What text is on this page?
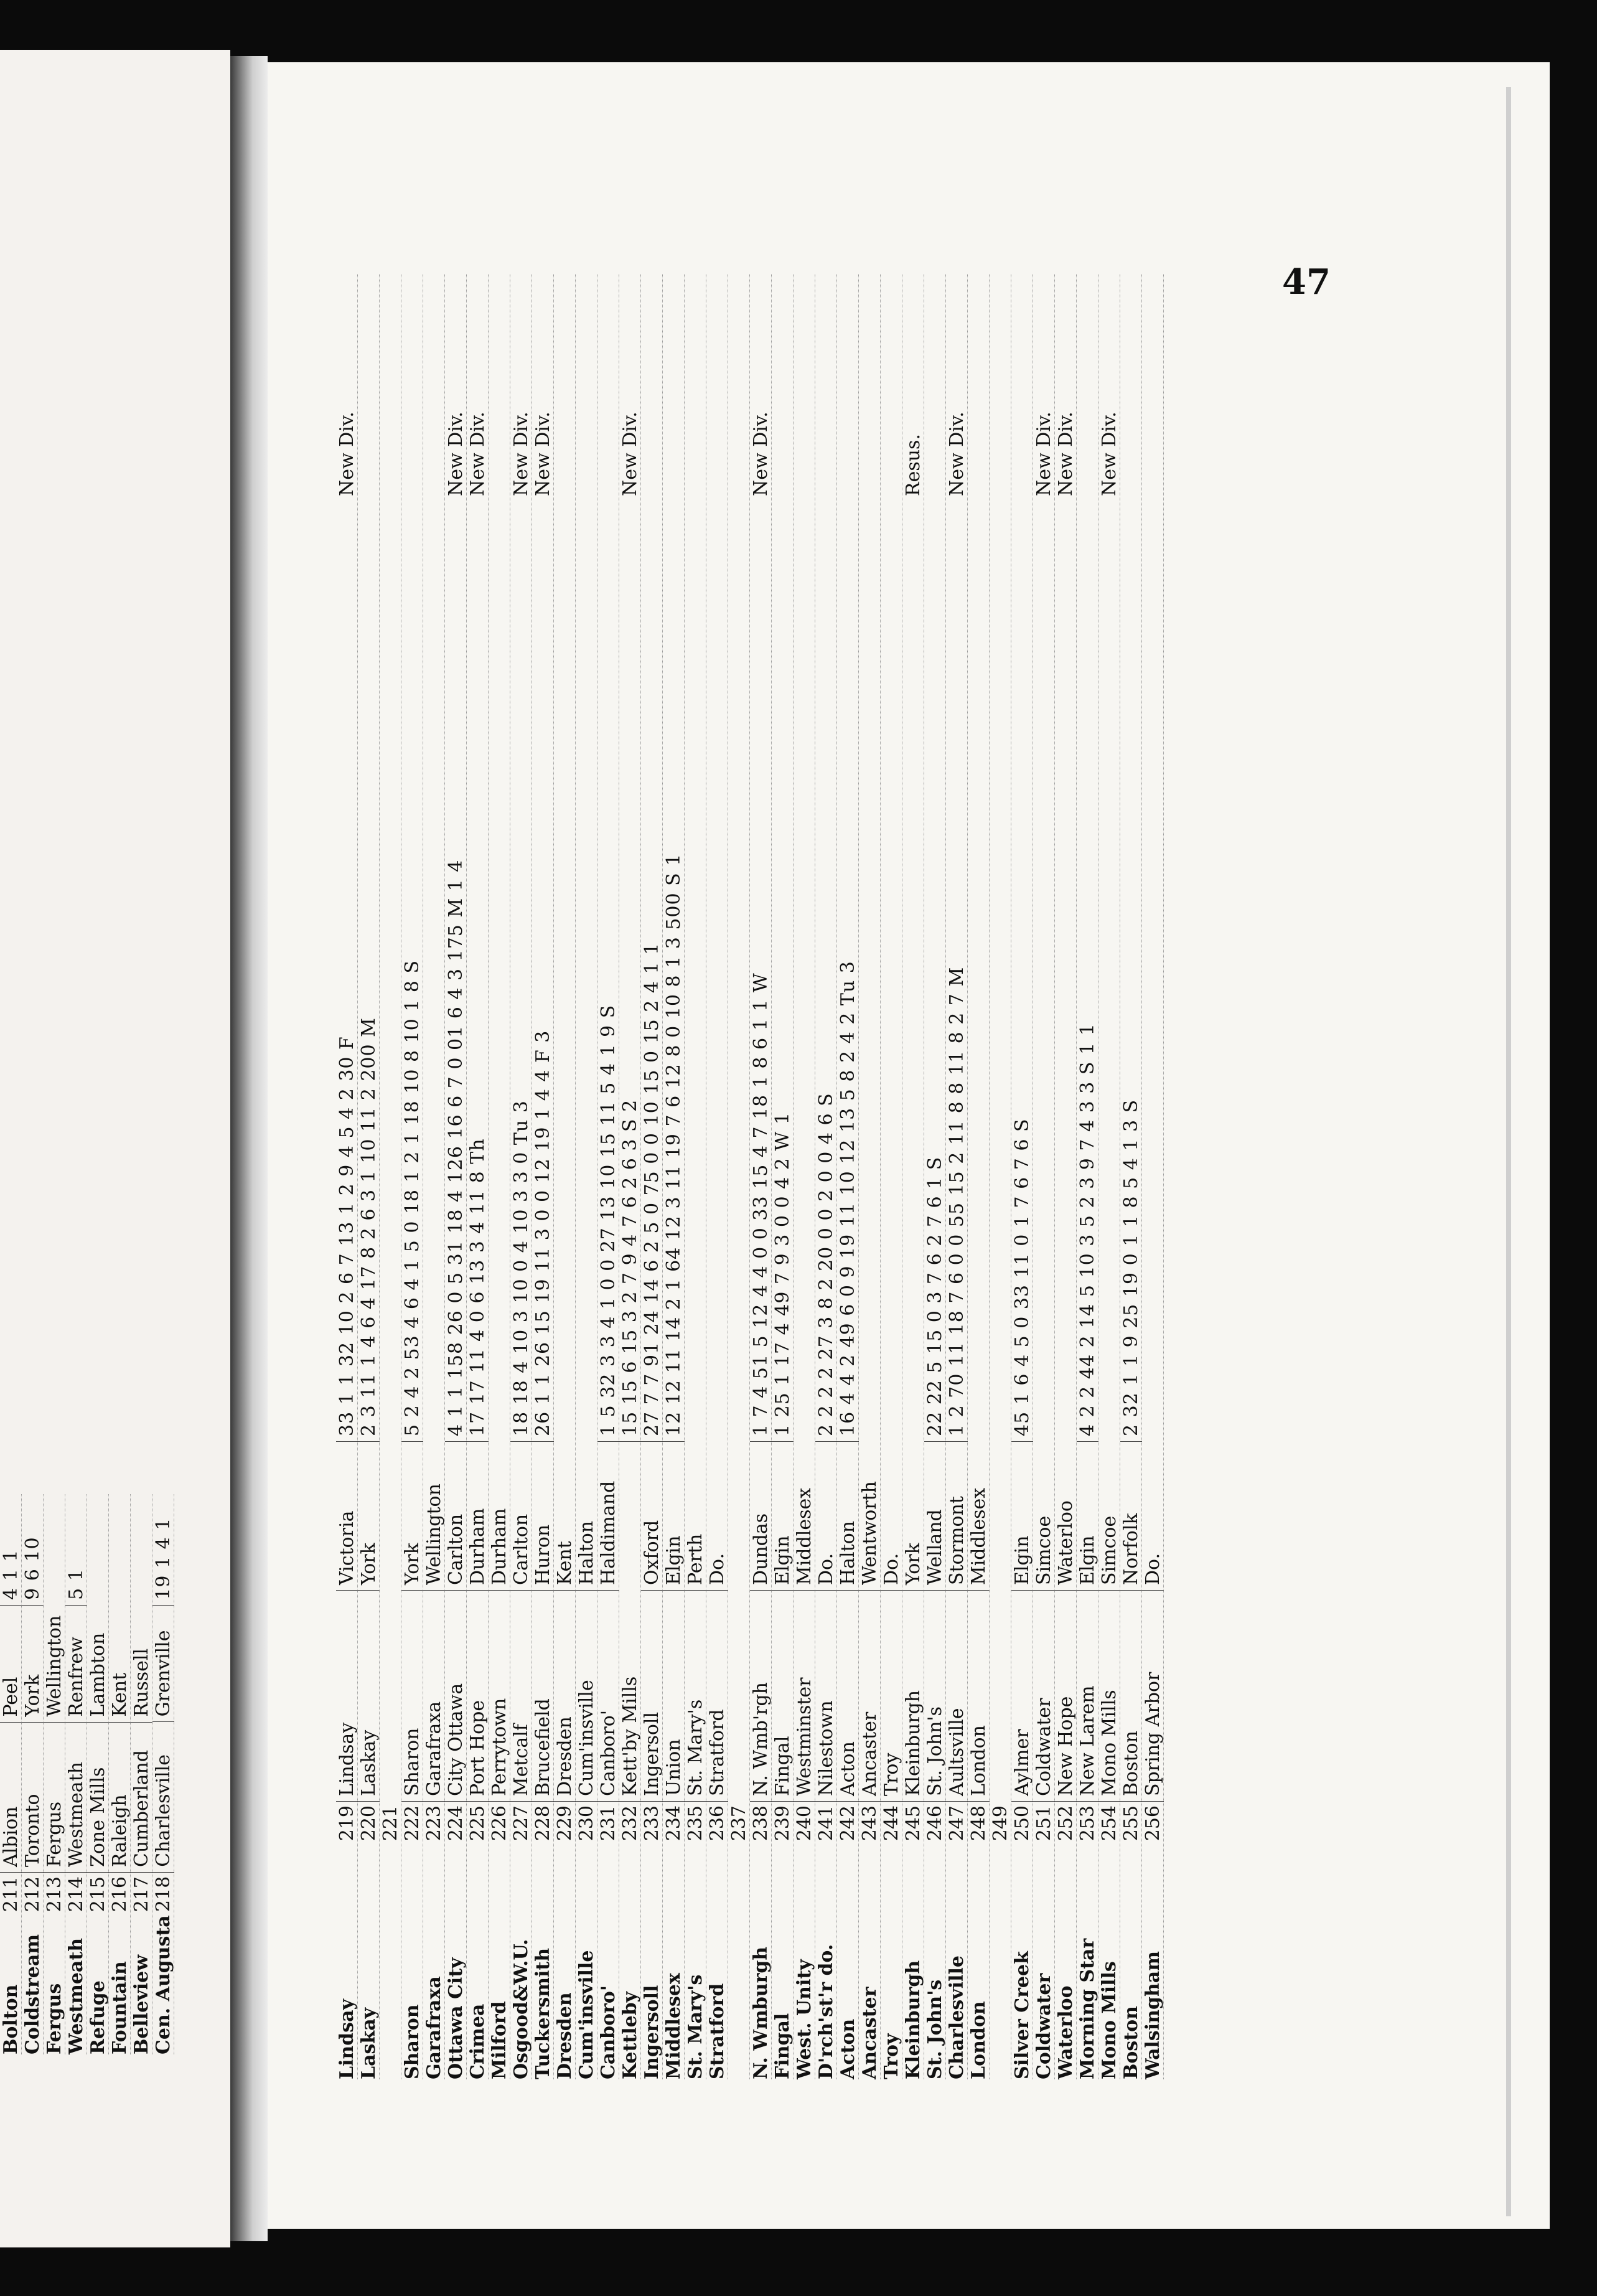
47
Bolton
211
Albion
Peel
4 1 1
Coldstream
212
Toronto
York
9 6 10
Fergus
213
Fergus
Wellington
Westmeath
214
Westmeath
Renfrew
5 1
Refuge
215
Zone Mills
Lambton
Fountain
216
Raleigh
Kent
Belleview
217
Cumberland
Russell
Cen. Augusta
218
Charlesville
Grenville
19 1 4 1
Lindsay
219
Lindsay
Victoria
33 1 1 32 10 2 6 7 13 1 2 9 4 5 4 2 30 F
New Div.
Laskay
220
Laskay
York
2 3 11 1 4 6 4 17 8 2 6 3 1 10 11 2 200 M
221
Sharon
222
Sharon
York
5 2 4 2 53 4 6 4 1 5 0 18 1 2 1 18 10 8 10 1 8 S
Garafraxa
223
Garafraxa
Wellington
Ottawa City
224
City Ottawa
Carlton
4 1 1 158 26 0 5 31 18 4 126 16 6 7 0 01 6 4 3 175 M 1 4
New Div.
Crimea
225
Port Hope
Durham
17 17 11 4 0 6 13 3 4 11 8 Th
New Div.
Milford
226
Perrytown
Durham
Osgood&W.U.
227
Metcalf
Carlton
18 18 4 10 3 10 0 4 10 3 3 0 Tu 3
New Div.
Tuckersmith
228
Brucefield
Huron
26 1 1 26 15 19 11 3 0 0 12 19 1 4 4 F 3
New Div.
Dresden
229
Dresden
Kent
Cum'insville
230
Cum'insville
Halton
Canboro'
231
Canboro'
Haldimand
1 5 32 3 3 4 1 0 0 27 13 10 15 11 5 4 1 9 S
Kettleby
232
Kett'by Mills
15 15 6 15 3 2 7 9 4 7 6 2 6 3 S 2
New Div.
Ingersoll
233
Ingersoll
Oxford
27 7 7 91 24 14 6 2 5 0 75 0 0 10 15 0 15 2 4 1 1
Middlesex
234
Union
Elgin
12 12 11 14 2 1 64 12 3 11 19 7 6 12 8 0 10 8 1 3 500 S 1
St. Mary's
235
St. Mary's
Perth
Stratford
236
Stratford
Do.
237
N. Wmburgh
238
N. Wmb'rgh
Dundas
1 7 4 51 5 12 4 4 0 0 33 15 4 7 18 1 8 6 1 1 W
New Div.
Fingal
239
Fingal
Elgin
1 25 1 17 4 49 7 9 3 0 0 4 2 W 1
West. Unity
240
Westminster
Middlesex
D'rch'st'r do.
241
Nilestown
Do.
2 2 2 2 27 3 8 2 20 0 0 2 0 0 4 6 S
Acton
242
Acton
Halton
16 4 4 2 49 6 0 9 19 11 10 12 13 5 8 2 4 2 Tu 3
Ancaster
243
Ancaster
Wentworth
Troy
244
Troy
Do.
Kleinburgh
245
Kleinburgh
York
Resus.
St. John's
246
St. John's
Welland
22 22 5 15 0 3 7 6 2 7 6 1 S
Charlesville
247
Aultsville
Stormont
1 2 70 11 18 7 6 0 0 55 15 2 11 8 8 11 8 2 7 M
New Div.
London
248
London
Middlesex
249
Silver Creek
250
Aylmer
Elgin
45 1 6 4 5 0 33 11 0 1 7 6 7 6 S
Coldwater
251
Coldwater
Simcoe
New Div.
Waterloo
252
New Hope
Waterloo
New Div.
Morning Star
253
New Larem
Elgin
4 2 2 44 2 14 5 10 3 5 2 3 9 7 4 3 3 S 1 1
Mono Mills
254
Mono Mills
Simcoe
New Div.
Boston
255
Boston
Norfolk
2 32 1 1 9 25 19 0 1 1 8 5 4 1 3 S
Walsingham
256
Spring Arbor
Do.
